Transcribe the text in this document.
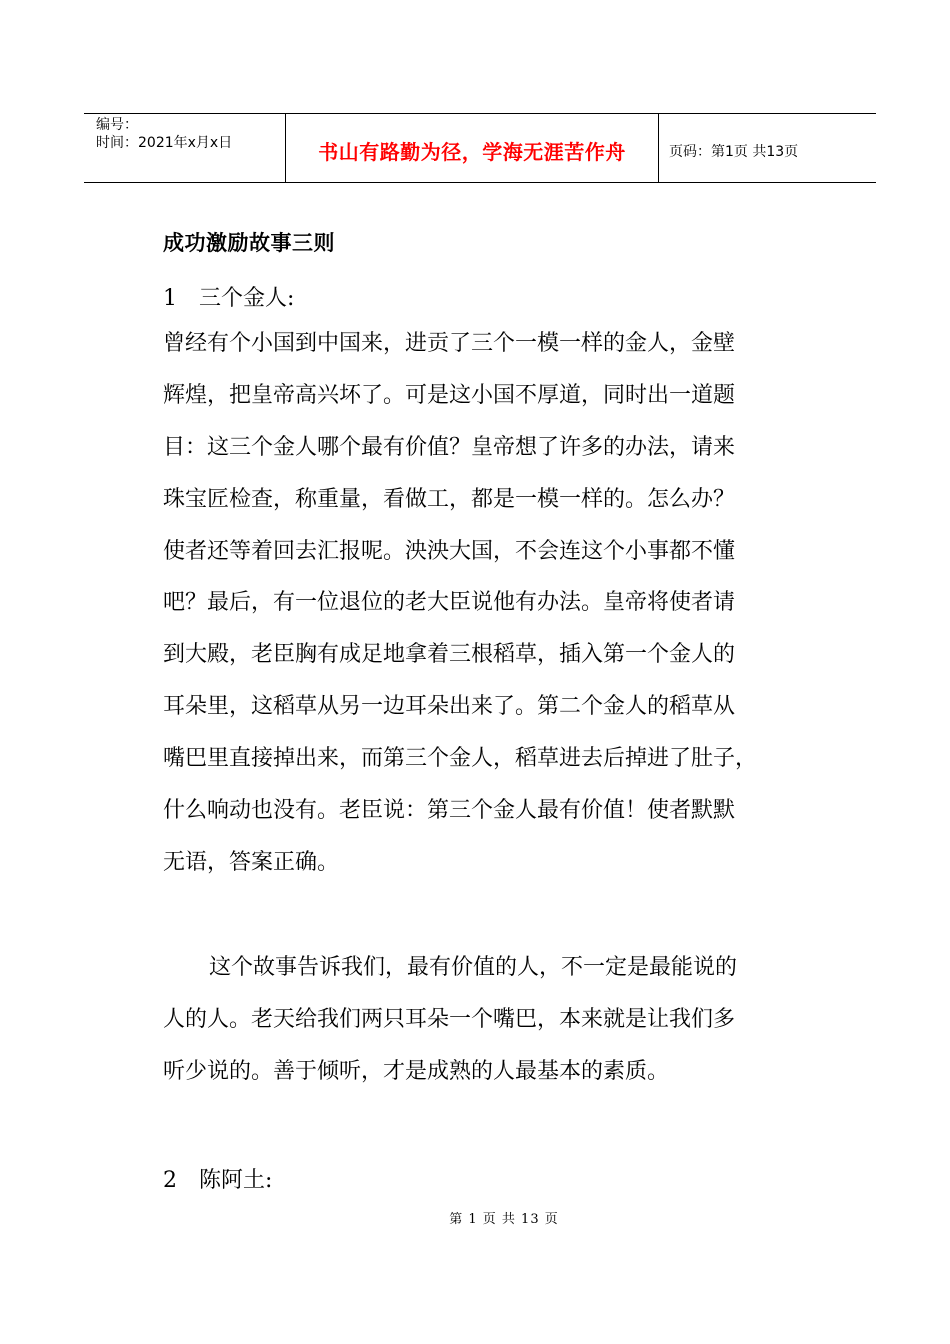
编号：
时间：2021年x月x日	书山有路勤为径，学海无涯苦作舟	页码：第1页 共13页
成功激励故事三则
1 三个金人:
曾经有个小国到中国来，进贡了三个一模一样的金人，金壁
辉煌，把皇帝高兴坏了。可是这小国不厚道，同时出一道题
目：这三个金人哪个最有价值？皇帝想了许多的办法，请来
珠宝匠检查，称重量，看做工，都是一模一样的。怎么办？
使者还等着回去汇报呢。泱泱大国，不会连这个小事都不懂
吧？最后，有一位退位的老大臣说他有办法。皇帝将使者请
到大殿，老臣胸有成足地拿着三根稻草，插入第一个金人的
耳朵里，这稻草从另一边耳朵出来了。第二个金人的稻草从
嘴巴里直接掉出来，而第三个金人，稻草进去后掉进了肚子，
什么响动也没有。老臣说：第三个金人最有价值！使者默默
无语，答案正确。
这个故事告诉我们，最有价值的人，不一定是最能说的
人的人。老天给我们两只耳朵一个嘴巴，本来就是让我们多
听少说的。善于倾听，才是成熟的人最基本的素质。
2 陈阿土:
第 1 页 共 13 页
